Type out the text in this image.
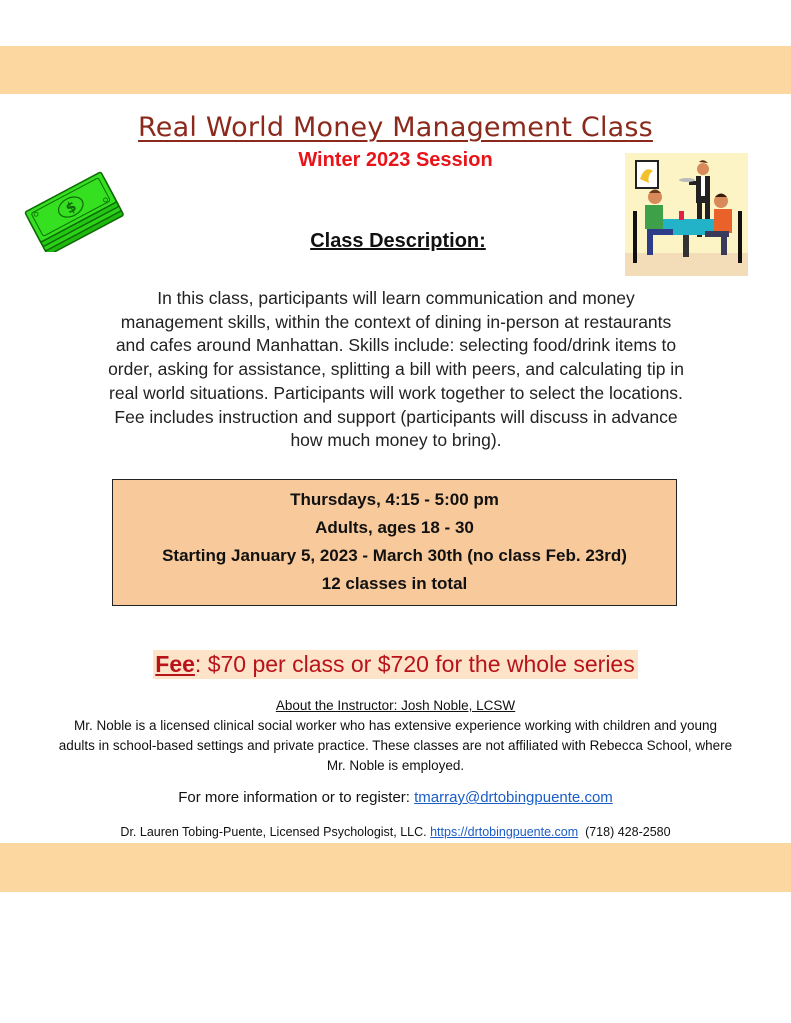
Real World Money Management Class
Winter 2023 Session
$
Class Description:
In this class, participants will learn communication and money management skills, within the context of dining in-person at restaurants and cafes around Manhattan. Skills include: selecting food/drink items to order, asking for assistance, splitting a bill with peers, and calculating tip in real world situations. Participants will work together to select the locations. Fee includes instruction and support (participants will discuss in advance how much money to bring).
Thursdays, 4:15 - 5:00 pm
Adults, ages 18 - 30
Starting January 5, 2023 - March 30th (no class Feb. 23rd)
12 classes in total
Fee: $70 per class or $720 for the whole series
About the Instructor: Josh Noble, LCSW
Mr. Noble is a licensed clinical social worker who has extensive experience working with children and young adults in school-based settings and private practice. These classes are not affiliated with Rebecca School, where Mr. Noble is employed.
For more information or to register: tmarray@drtobingpuente.com
Dr. Lauren Tobing-Puente, Licensed Psychologist, LLC. https://drtobingpuente.com  (718) 428-2580
